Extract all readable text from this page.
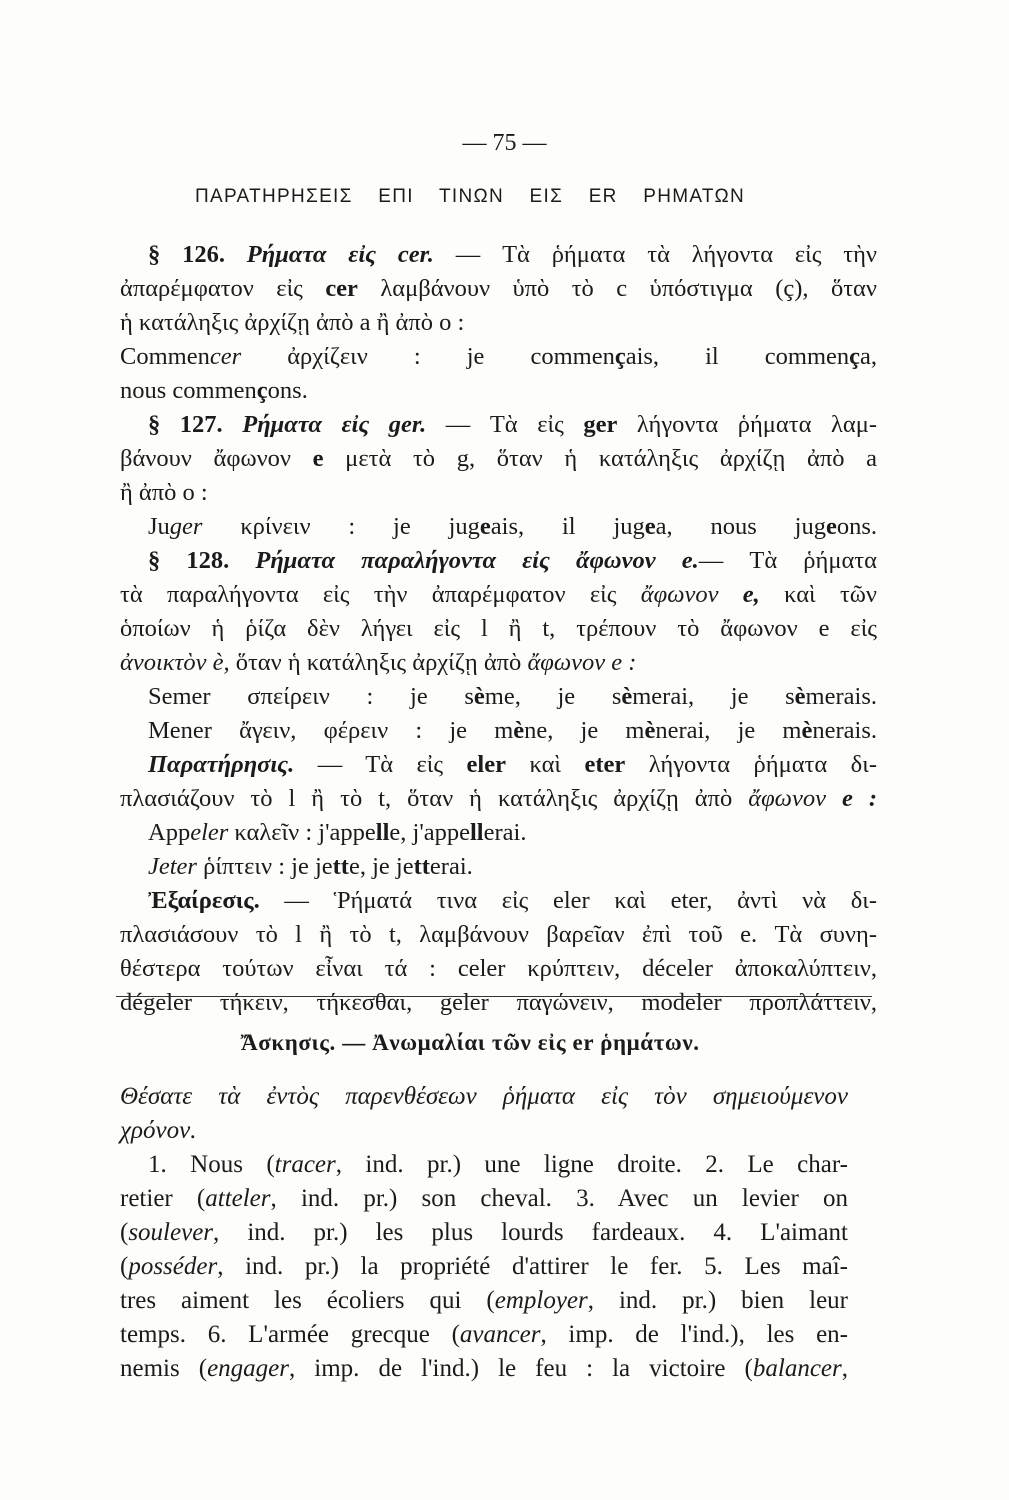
— 75 —
ΠΑΡΑΤΗΡΗΣΕΙΣ ΕΠΙ ΤΙΝΩΝ ΕΙΣ ER ΡΗΜΑΤΩΝ
§ 126. Ρήματα εἰς cer. — Τὰ ῥήματα τὰ λήγοντα εἰς τὴν
ἀπαρέμφατον εἰς cer λαμβάνουν ὑπὸ τὸ c ὑπόστιγμα (ç), ὅταν
ἡ κατάληξις ἀρχίζῃ ἀπὸ a ἢ ἀπὸ o :
Commencer ἀρχίζειν : je commençais, il commença,
nous commençons.
§ 127. Ρήματα εἰς ger. — Τὰ εἰς ger λήγοντα ῥήματα λαμ-
βάνουν ἄφωνον e μετὰ τὸ g, ὅταν ἡ κατάληξις ἀρχίζῃ ἀπὸ a
ἢ ἀπὸ o :
Juger κρίνειν : je jugeais, il jugea, nous jugeons.
§ 128. Ρήματα παραλήγοντα εἰς ἄφωνον e.— Τὰ ῥήματα
τὰ παραλήγοντα εἰς τὴν ἀπαρέμφατον εἰς ἄφωνον e, καὶ τῶν
ὁποίων ἡ ῥίζα δὲν λήγει εἰς l ἢ t, τρέπουν τὸ ἄφωνον e εἰς
ἀνοικτὸν è, ὅταν ἡ κατάληξις ἀρχίζῃ ἀπὸ ἄφωνον e :
Semer σπείρειν : je sème, je sèmerai, je sèmerais.
Mener ἄγειν, φέρειν : je mène, je mènerai, je mènerais.
Παρατήρησις. — Τὰ εἰς eler καὶ eter λήγοντα ῥήματα δι-
πλασιάζουν τὸ l ἢ τὸ t, ὅταν ἡ κατάληξις ἀρχίζῃ ἀπὸ ἄφωνον e :
Appeler καλεῖν : j'appelle, j'appellerai.
Jeter ῥίπτειν : je jette, je jetterai.
Ἐξαίρεσις. — Ῥήματά τινα εἰς eler καὶ eter, ἀντὶ νὰ δι-
πλασιάσουν τὸ l ἢ τὸ t, λαμβάνουν βαρεῖαν ἐπὶ τοῦ e. Τὰ συνη-
θέστερα τούτων εἶναι τά : celer κρύπτειν, déceler ἀποκαλύπτειν,
dégeler τήκειν, τήκεσθαι, geler παγώνειν, modeler προπλάττειν,
Ἄσκησις. — Ἀνωμαλίαι τῶν εἰς er ῥημάτων.
Θέσατε τὰ ἐντὸς παρενθέσεων ῥήματα εἰς τὸν σημειούμενον
χρόνον.
1. Nous (tracer, ind. pr.) une ligne droite. 2. Le char-
retier (atteler, ind. pr.) son cheval. 3. Avec un levier on
(soulever, ind. pr.) les plus lourds fardeaux. 4. L'aimant
(posséder, ind. pr.) la propriété d'attirer le fer. 5. Les maî-
tres aiment les écoliers qui (employer, ind. pr.) bien leur
temps. 6. L'armée grecque (avancer, imp. de l'ind.), les en-
nemis (engager, imp. de l'ind.) le feu : la victoire (balancer,
